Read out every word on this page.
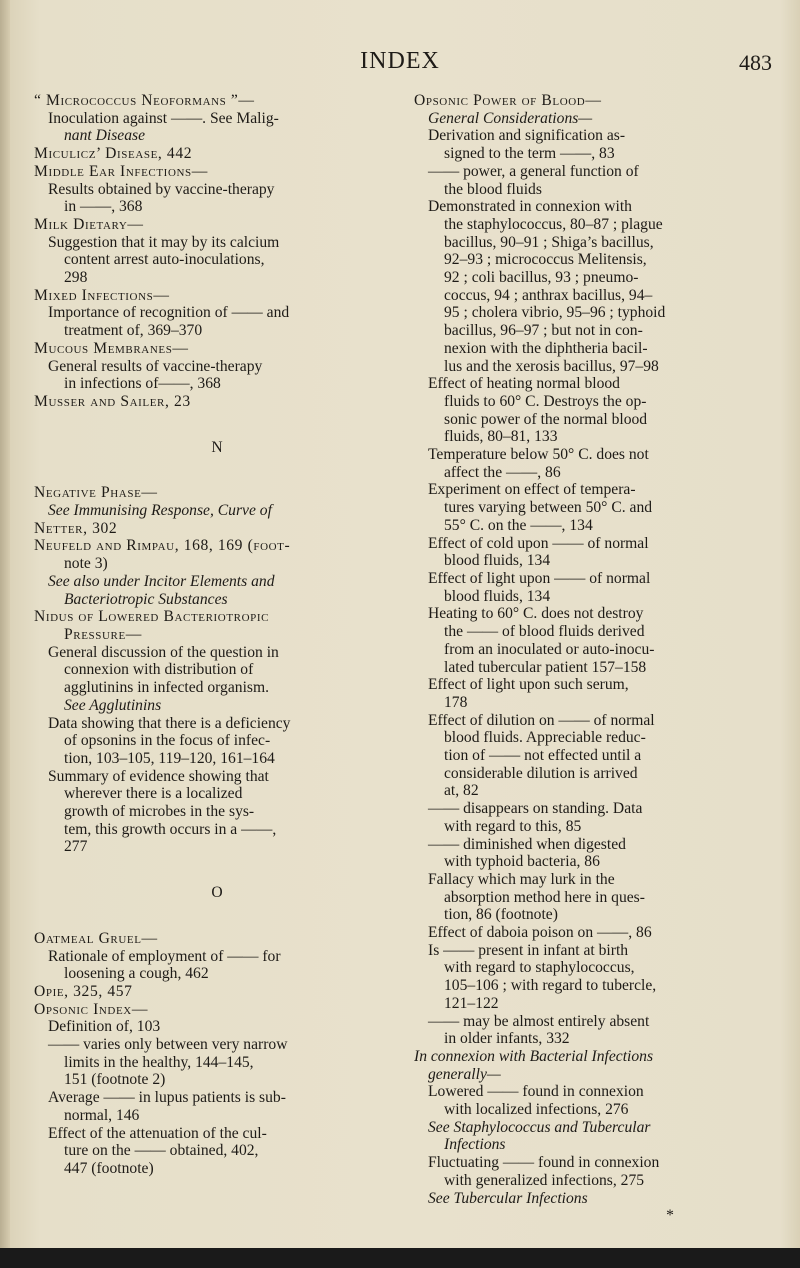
INDEX	483
“ Micrococcus Neoformans ”—
Inoculation against ——. See Malig-
nant Disease
Miculicz’ Disease, 442
Middle Ear Infections—
Results obtained by vaccine-therapy
in ——, 368
Milk Dietary—
Suggestion that it may by its calcium
content arrest auto-inoculations,
298
Mixed Infections—
Importance of recognition of —— and
treatment of, 369–370
Mucous Membranes—
General results of vaccine-therapy
in infections of——, 368
Musser and Sailer, 23
N
Negative Phase—
See Immunising Response, Curve of
Netter, 302
Neufeld and Rimpau, 168, 169 (foot-
note 3)
See also under Incitor Elements and
Bacteriotropic Substances
Nidus of Lowered Bacteriotropic
Pressure—
General discussion of the question in
connexion with distribution of
agglutinins in infected organism.
See Agglutinins
Data showing that there is a deficiency
of opsonins in the focus of infec-
tion, 103–105, 119–120, 161–164
Summary of evidence showing that
wherever there is a localized
growth of microbes in the sys-
tem, this growth occurs in a ——,
277
O
Oatmeal Gruel—
Rationale of employment of —— for
loosening a cough, 462
Opie, 325, 457
Opsonic Index—
Definition of, 103
—— varies only between very narrow
limits in the healthy, 144–145,
151 (footnote 2)
Average —— in lupus patients is sub-
normal, 146
Effect of the attenuation of the cul-
ture on the —— obtained, 402,
447 (footnote)
Opsonic Power of Blood—
General Considerations—
Derivation and signification as-
signed to the term ——, 83
—— power, a general function of
the blood fluids
Demonstrated in connexion with
the staphylococcus, 80–87 ; plague
bacillus, 90–91 ; Shiga’s bacillus,
92–93 ; micrococcus Melitensis,
92 ; coli bacillus, 93 ; pneumo-
coccus, 94 ; anthrax bacillus, 94–
95 ; cholera vibrio, 95–96 ; typhoid
bacillus, 96–97 ; but not in con-
nexion with the diphtheria bacil-
lus and the xerosis bacillus, 97–98
Effect of heating normal blood
fluids to 60° C. Destroys the op-
sonic power of the normal blood
fluids, 80–81, 133
Temperature below 50° C. does not
affect the ——, 86
Experiment on effect of tempera-
tures varying between 50° C. and
55° C. on the ——, 134
Effect of cold upon —— of normal
blood fluids, 134
Effect of light upon —— of normal
blood fluids, 134
Heating to 60° C. does not destroy
the —— of blood fluids derived
from an inoculated or auto-inocu-
lated tubercular patient 157–158
Effect of light upon such serum,
178
Effect of dilution on —— of normal
blood fluids. Appreciable reduc-
tion of —— not effected until a
considerable dilution is arrived
at, 82
—— disappears on standing. Data
with regard to this, 85
—— diminished when digested
with typhoid bacteria, 86
Fallacy which may lurk in the
absorption method here in ques-
tion, 86 (footnote)
Effect of daboia poison on ——, 86
Is —— present in infant at birth
with regard to staphylococcus,
105–106 ; with regard to tubercle,
121–122
—— may be almost entirely absent
in older infants, 332
In connexion with Bacterial Infections
generally—
Lowered —— found in connexion
with localized infections, 276
See Staphylococcus and Tubercular
Infections
Fluctuating —— found in connexion
with generalized infections, 275
See Tubercular Infections
*
